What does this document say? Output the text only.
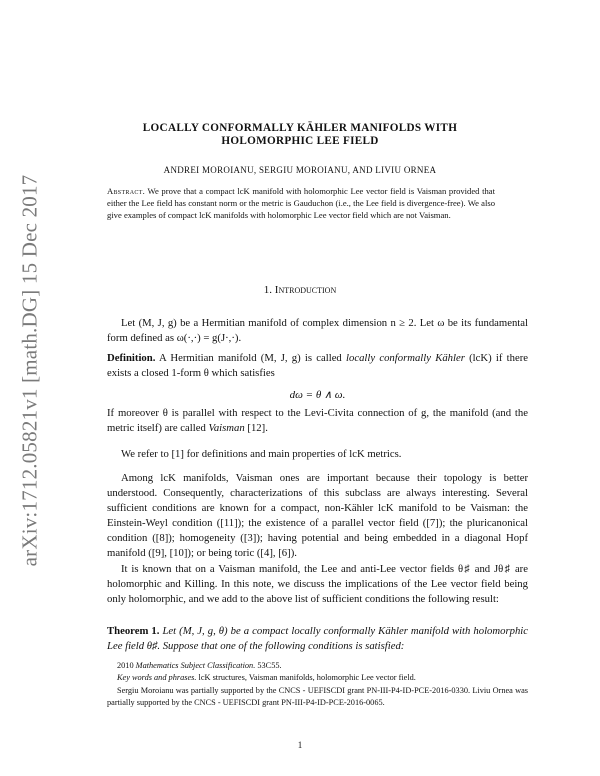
arXiv:1712.05821v1 [math.DG] 15 Dec 2017
LOCALLY CONFORMALLY KÄHLER MANIFOLDS WITH
HOLOMORPHIC LEE FIELD
ANDREI MOROIANU, SERGIU MOROIANU, AND LIVIU ORNEA
Abstract. We prove that a compact lcK manifold with holomorphic Lee vector field is Vaisman provided that either the Lee field has constant norm or the metric is Gauduchon (i.e., the Lee field is divergence-free). We also give examples of compact lcK manifolds with holomorphic Lee vector field which are not Vaisman.
1. Introduction
Let (M, J, g) be a Hermitian manifold of complex dimension n ≥ 2. Let ω be its fundamental form defined as ω(·,·) = g(J·,·).
Definition. A Hermitian manifold (M, J, g) is called locally conformally Kähler (lcK) if there exists a closed 1-form θ which satisfies
dω = θ ∧ ω.
If moreover θ is parallel with respect to the Levi-Civita connection of g, the manifold (and the metric itself) are called Vaisman [12].
We refer to [1] for definitions and main properties of lcK metrics.
Among lcK manifolds, Vaisman ones are important because their topology is better understood. Consequently, characterizations of this subclass are always interesting. Several sufficient conditions are known for a compact, non-Kähler lcK manifold to be Vaisman: the Einstein-Weyl condition ([11]); the existence of a parallel vector field ([7]); the pluricanonical condition ([8]); homogeneity ([3]); having potential and being embedded in a diagonal Hopf manifold ([9], [10]); or being toric ([4], [6]).
It is known that on a Vaisman manifold, the Lee and anti-Lee vector fields θ♯ and Jθ♯ are holomorphic and Killing. In this note, we discuss the implications of the Lee vector field being only holomorphic, and we add to the above list of sufficient conditions the following result:
Theorem 1. Let (M, J, g, θ) be a compact locally conformally Kähler manifold with holomorphic Lee field θ♯. Suppose that one of the following conditions is satisfied:
2010 Mathematics Subject Classification. 53C55.
Key words and phrases. lcK structures, Vaisman manifolds, holomorphic Lee vector field.
Sergiu Moroianu was partially supported by the CNCS - UEFISCDI grant PN-III-P4-ID-PCE-2016-0330. Liviu Ornea was partially supported by the CNCS - UEFISCDI grant PN-III-P4-ID-PCE-2016-0065.
1
